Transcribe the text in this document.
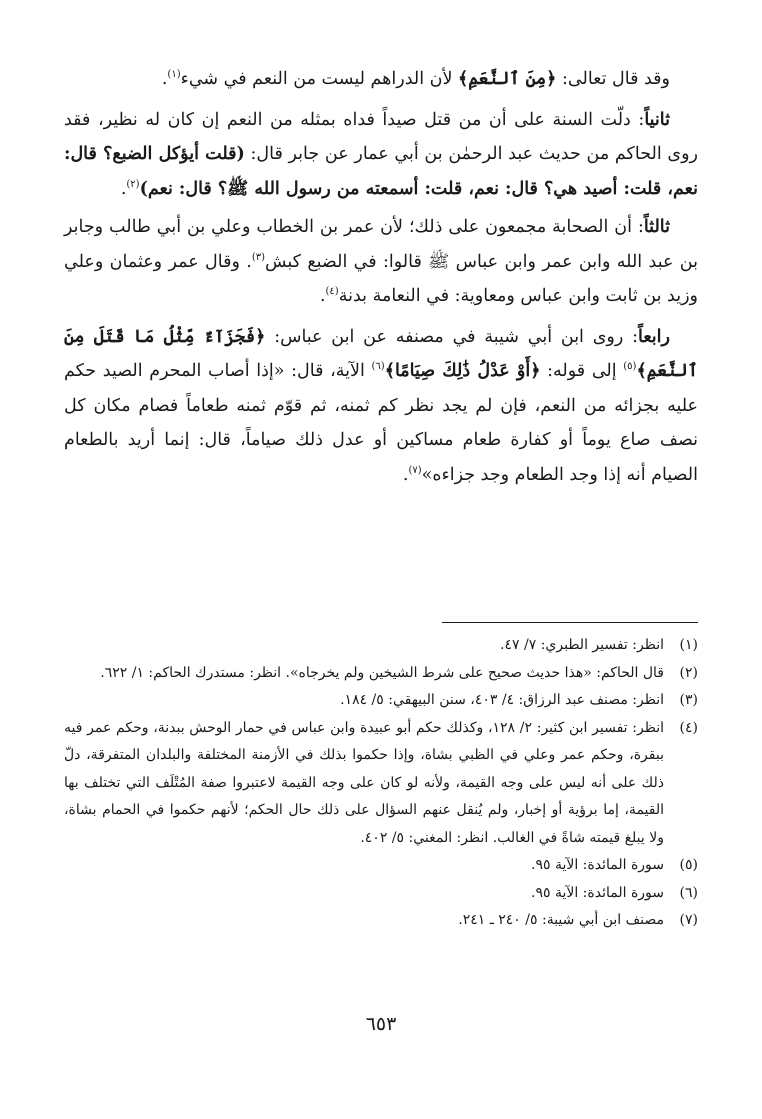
وقد قال تعالى: ﴿مِنَ ٱلنَّعَمِ﴾ لأن الدراهم ليست من النعم في شيء$^{(١)}$.

ثانياً: دلّت السنة على أن من قتل صيداً فداه بمثله من النعم إن كان له نظير، فقد روى الحاكم من حديث عبد الرحمٰن بن أبي عمار عن جابر قال: (قلت أيؤكل الضبع؟ قال: نعم، قلت: أصيد هي؟ قال: نعم، قلت: أسمعته من رسول الله ﷺ؟ قال: نعم)$^{(٢)}$.

ثالثاً: أن الصحابة مجمعون على ذلك؛ لأن عمر بن الخطاب وعلي بن أبي طالب وجابر بن عبد الله وابن عمر وابن عباس ﷺ قالوا: في الضبع كبش$^{(٣)}$. وقال عمر وعثمان وعلي وزيد بن ثابت وابن عباس ومعاوية: في النعامة بدنة$^{(٤)}$.

رابعاً: روى ابن أبي شيبة في مصنفه عن ابن عباس: ﴿فَجَزَآءٌ مِّثْلُ مَا قَتَلَ مِنَ ٱلنَّعَمِ﴾$^{(٥)}$ إلى قوله: ﴿أَوْ عَدْلُ ذَٰلِكَ صِيَامًا﴾$^{(٦)}$ الآية، قال: «إذا أصاب المحرم الصيد حكم عليه بجزائه من النعم، فإن لم يجد نظر كم ثمنه، ثم قوّم ثمنه طعاماً فصام مكان كل نصف صاع يوماً أو كفارة طعام مساكين أو عدل ذلك صياماً، قال: إنما أريد بالطعام الصيام أنه إذا وجد الطعام وجد جزاءه»$^{(٧)}$.

(١)
انظر: تفسير الطبري: ٧/ ٤٧.
(٢)
قال الحاكم: «هذا حديث صحيح على شرط الشيخين ولم يخرجاه». انظر: مستدرك الحاكم: ١/ ٦٢٢.
(٣)
انظر: مصنف عبد الرزاق: ٤/ ٤٠٣، سنن البيهقي: ٥/ ١٨٤.
(٤)
انظر: تفسير ابن كثير: ٢/ ١٢٨، وكذلك حكم أبو عبيدة وابن عباس في حمار الوحش ببدنة، وحكم عمر فيه ببقرة، وحكم عمر وعلي في الظبي بشاة، وإذا حكموا بذلك في الأزمنة المختلفة والبلدان المتفرقة، دلّ ذلك على أنه ليس على وجه القيمة، ولأنه لو كان على وجه القيمة لاعتبروا صفة المُتْلَف التي تختلف بها القيمة، إما برؤية أو إخبار، ولم يُنقل عنهم السؤال على ذلك حال الحكم؛ لأنهم حكموا في الحمام بشاة، ولا يبلغ قيمته شاةً في الغالب. انظر: المغني: ٥/ ٤٠٢.
(٥)
سورة المائدة: الآية ٩٥.
(٦)
سورة المائدة: الآية ٩٥.
(٧)
مصنف ابن أبي شيبة: ٥/ ٢٤٠ ـ ٢٤١.
٦٥٣
